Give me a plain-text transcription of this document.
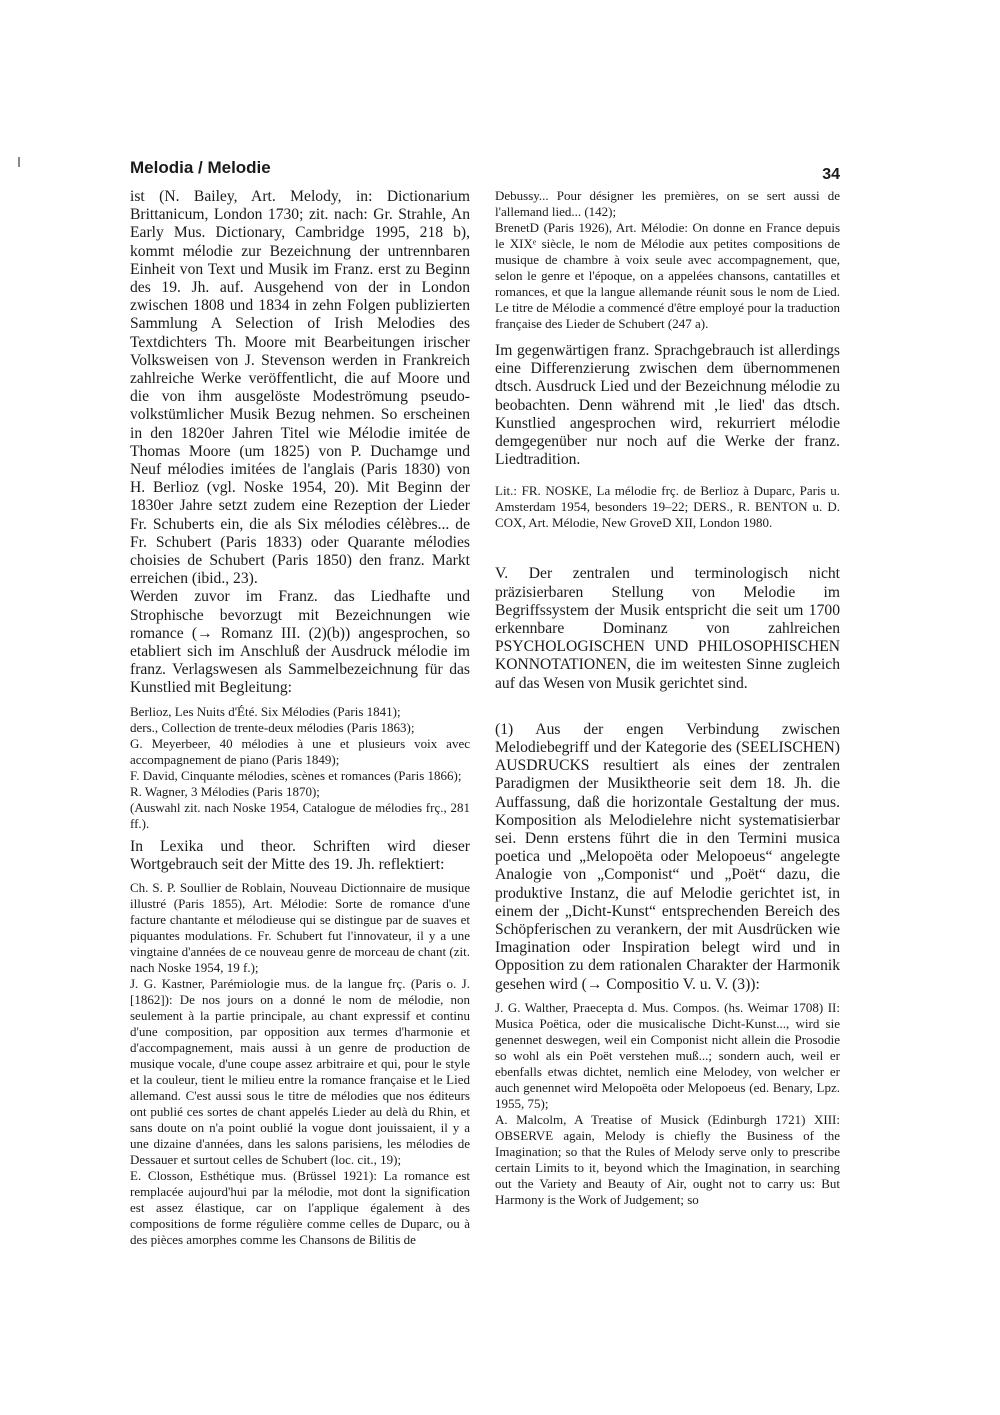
Melodia / Melodie	34

ist (N. Bailey, Art. Melody, in: Dictionarium Brittanicum, London 1730; zit. nach: Gr. Strahle, An Early Mus. Dictionary, Cambridge 1995, 218 b), kommt mélodie zur Bezeichnung der untrennbaren Einheit von Text und Musik im Franz. erst zu Beginn des 19. Jh. auf. Ausgehend von der in London zwischen 1808 und 1834 in zehn Folgen publizierten Sammlung A Selection of Irish Melodies des Textdichters Th. Moore mit Bearbeitungen irischer Volksweisen von J. Stevenson werden in Frankreich zahlreiche Werke veröffentlicht, die auf Moore und die von ihm ausgelöste Modeströmung pseudo-volkstümlicher Musik Bezug nehmen. So erscheinen in den 1820er Jahren Titel wie Mélodie imitée de Thomas Moore (um 1825) von P. Duchamge und Neuf mélodies imitées de l'anglais (Paris 1830) von H. Berlioz (vgl. Noske 1954, 20). Mit Beginn der 1830er Jahre setzt zudem eine Rezeption der Lieder Fr. Schuberts ein, die als Six mélodies célèbres... de Fr. Schubert (Paris 1833) oder Quarante mélodies choisies de Schubert (Paris 1850) den franz. Markt erreichen (ibid., 23).

Werden zuvor im Franz. das Liedhafte und Strophische bevorzugt mit Bezeichnungen wie romance (→ Romanz III. (2)(b)) angesprochen, so etabliert sich im Anschluß der Ausdruck mélodie im franz. Verlagswesen als Sammelbezeichnung für das Kunstlied mit Begleitung:

Berlioz, Les Nuits d'Été. Six Mélodies (Paris 1841);

ders., Collection de trente-deux mélodies (Paris 1863);

G. Meyerbeer, 40 mélodies à une et plusieurs voix avec accompagnement de piano (Paris 1849);

F. David, Cinquante mélodies, scènes et romances (Paris 1866);

R. Wagner, 3 Mélodies (Paris 1870);

(Auswahl zit. nach Noske 1954, Catalogue de mélodies frç., 281 ff.).

In Lexika und theor. Schriften wird dieser Wortgebrauch seit der Mitte des 19. Jh. reflektiert:

Ch. S. P. Soullier de Roblain, Nouveau Dictionnaire de musique illustré (Paris 1855), Art. Mélodie: Sorte de romance d'une facture chantante et mélodieuse qui se distingue par de suaves et piquantes modulations. Fr. Schubert fut l'innovateur, il y a une vingtaine d'années de ce nouveau genre de morceau de chant (zit. nach Noske 1954, 19 f.);

J. G. Kastner, Parémiologie mus. de la langue frç. (Paris o. J. [1862]): De nos jours on a donné le nom de mélodie, non seulement à la partie principale, au chant expressif et continu d'une composition, par opposition aux termes d'harmonie et d'accompagnement, mais aussi à un genre de production de musique vocale, d'une coupe assez arbitraire et qui, pour le style et la couleur, tient le milieu entre la romance française et le Lied allemand. C'est aussi sous le titre de mélodies que nos éditeurs ont publié ces sortes de chant appelés Lieder au delà du Rhin, et sans doute on n'a point oublié la vogue dont jouissaient, il y a une dizaine d'années, dans les salons parisiens, les mélodies de Dessauer et surtout celles de Schubert (loc. cit., 19);

E. Closson, Esthétique mus. (Brüssel 1921): La romance est remplacée aujourd'hui par la mélodie, mot dont la signification est assez élastique, car on l'applique également à des compositions de forme régulière comme celles de Duparc, ou à des pièces amorphes comme les Chansons de Bilitis de

Debussy... Pour désigner les premières, on se sert aussi de l'allemand lied... (142);

BrenetD (Paris 1926), Art. Mélodie: On donne en France depuis le XIXᵉ siècle, le nom de Mélodie aux petites compositions de musique de chambre à voix seule avec accompagnement, que, selon le genre et l'époque, on a appelées chansons, cantatilles et romances, et que la langue allemande réunit sous le nom de Lied. Le titre de Mélodie a commencé d'être employé pour la traduction française des Lieder de Schubert (247 a).

Im gegenwärtigen franz. Sprachgebrauch ist allerdings eine Differenzierung zwischen dem übernommenen dtsch. Ausdruck Lied und der Bezeichnung mélodie zu beobachten. Denn während mit ‚le lied' das dtsch. Kunstlied angesprochen wird, rekurriert mélodie demgegenüber nur noch auf die Werke der franz. Liedtradition.

Lit.: FR. NOSKE, La mélodie frç. de Berlioz à Duparc, Paris u. Amsterdam 1954, besonders 19–22; DERS., R. BENTON u. D. COX, Art. Mélodie, New GroveD XII, London 1980.

V. Der zentralen und terminologisch nicht präzisierbaren Stellung von Melodie im Begriffssystem der Musik entspricht die seit um 1700 erkennbare Dominanz von zahlreichen PSYCHOLOGISCHEN UND PHILOSOPHISCHEN KONNOTATIONEN, die im weitesten Sinne zugleich auf das Wesen von Musik gerichtet sind.

(1) Aus der engen Verbindung zwischen Melodiebegriff und der Kategorie des (SEELISCHEN) AUSDRUCKS resultiert als eines der zentralen Paradigmen der Musiktheorie seit dem 18. Jh. die Auffassung, daß die horizontale Gestaltung der mus. Komposition als Melodielehre nicht systematisierbar sei. Denn erstens führt die in den Termini musica poetica und „Melopoëta oder Melopoeus“ angelegte Analogie von „Componist“ und „Poët“ dazu, die produktive Instanz, die auf Melodie gerichtet ist, in einem der „Dicht-Kunst“ entsprechenden Bereich des Schöpferischen zu verankern, der mit Ausdrücken wie Imagination oder Inspiration belegt wird und in Opposition zu dem rationalen Charakter der Harmonik gesehen wird (→ Compositio V. u. V. (3)):

J. G. Walther, Praecepta d. Mus. Compos. (hs. Weimar 1708) II: Musica Poëtica, oder die musicalische Dicht-Kunst..., wird sie genennet deswegen, weil ein Componist nicht allein die Prosodie so wohl als ein Poët verstehen muß...; sondern auch, weil er ebenfalls etwas dichtet, nemlich eine Melodey, von welcher er auch genennet wird Melopoëta oder Melopoeus (ed. Benary, Lpz. 1955, 75);

A. Malcolm, A Treatise of Musick (Edinburgh 1721) XIII: OBSERVE again, Melody is chiefly the Business of the Imagination; so that the Rules of Melody serve only to prescribe certain Limits to it, beyond which the Imagination, in searching out the Variety and Beauty of Air, ought not to carry us: But Harmony is the Work of Judgement; so
